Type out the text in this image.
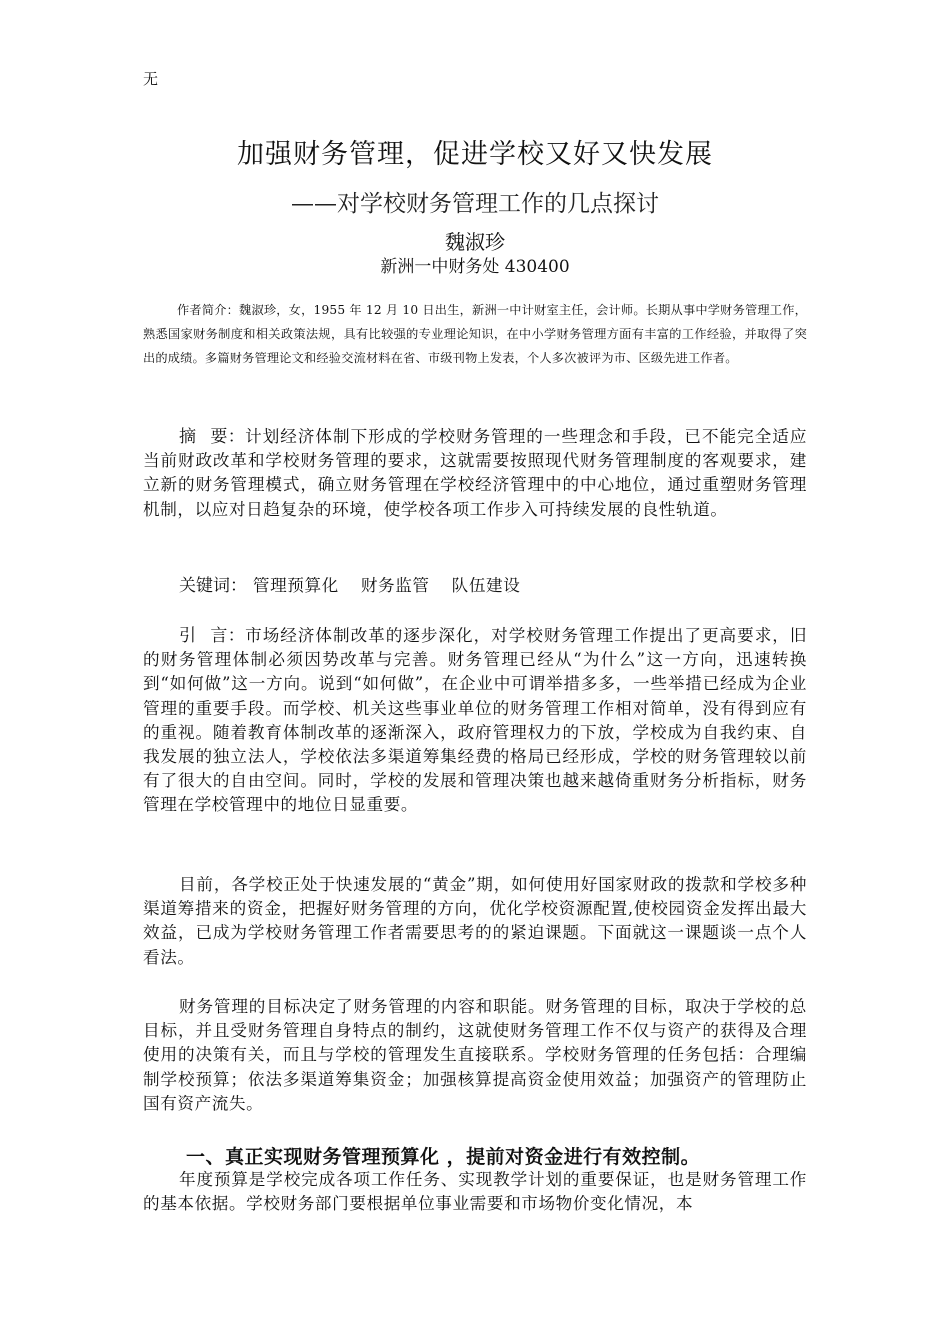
无
加强财务管理，促进学校又好又快发展
——对学校财务管理工作的几点探讨
魏淑珍
新洲一中财务处 430400
作者简介：魏淑珍，女，1955 年 12 月 10 日出生，新洲一中计财室主任，会计师。长期从事中学财务管理工作，熟悉国家财务制度和相关政策法规，具有比较强的专业理论知识，在中小学财务管理方面有丰富的工作经验，并取得了突出的成绩。多篇财务管理论文和经验交流材料在省、市级刊物上发表，个人多次被评为市、区级先进工作者。
摘要：计划经济体制下形成的学校财务管理的一些理念和手段，已不能完全适应当前财政改革和学校财务管理的要求，这就需要按照现代财务管理制度的客观要求，建立新的财务管理模式，确立财务管理在学校经济管理中的中心地位，通过重塑财务管理机制，以应对日趋复杂的环境，使学校各项工作步入可持续发展的良性轨道。
关键词： 管理预算化 财务监管 队伍建设
引言：市场经济体制改革的逐步深化，对学校财务管理工作提出了更高要求，旧的财务管理体制必须因势改革与完善。财务管理已经从“为什么”这一方向，迅速转换到“如何做”这一方向。说到“如何做”，在企业中可谓举措多多，一些举措已经成为企业管理的重要手段。而学校、机关这些事业单位的财务管理工作相对简单，没有得到应有的重视。随着教育体制改革的逐渐深入，政府管理权力的下放，学校成为自我约束、自我发展的独立法人，学校依法多渠道筹集经费的格局已经形成，学校的财务管理较以前有了很大的自由空间。同时，学校的发展和管理决策也越来越倚重财务分析指标，财务管理在学校管理中的地位日显重要。
目前，各学校正处于快速发展的“黄金”期，如何使用好国家财政的拨款和学校多种渠道筹措来的资金，把握好财务管理的方向，优化学校资源配置,使校园资金发挥出最大效益，已成为学校财务管理工作者需要思考的的紧迫课题。下面就这一课题谈一点个人看法。
财务管理的目标决定了财务管理的内容和职能。财务管理的目标，取决于学校的总目标，并且受财务管理自身特点的制约，这就使财务管理工作不仅与资产的获得及合理使用的决策有关，而且与学校的管理发生直接联系。学校财务管理的任务包括：合理编制学校预算；依法多渠道筹集资金；加强核算提高资金使用效益；加强资产的管理防止国有资产流失。
一、真正实现财务管理预算化 ，提前对资金进行有效控制。
年度预算是学校完成各项工作任务、实现教学计划的重要保证，也是财务管理工作的基本依据。学校财务部门要根据单位事业需要和市场物价变化情况，本
